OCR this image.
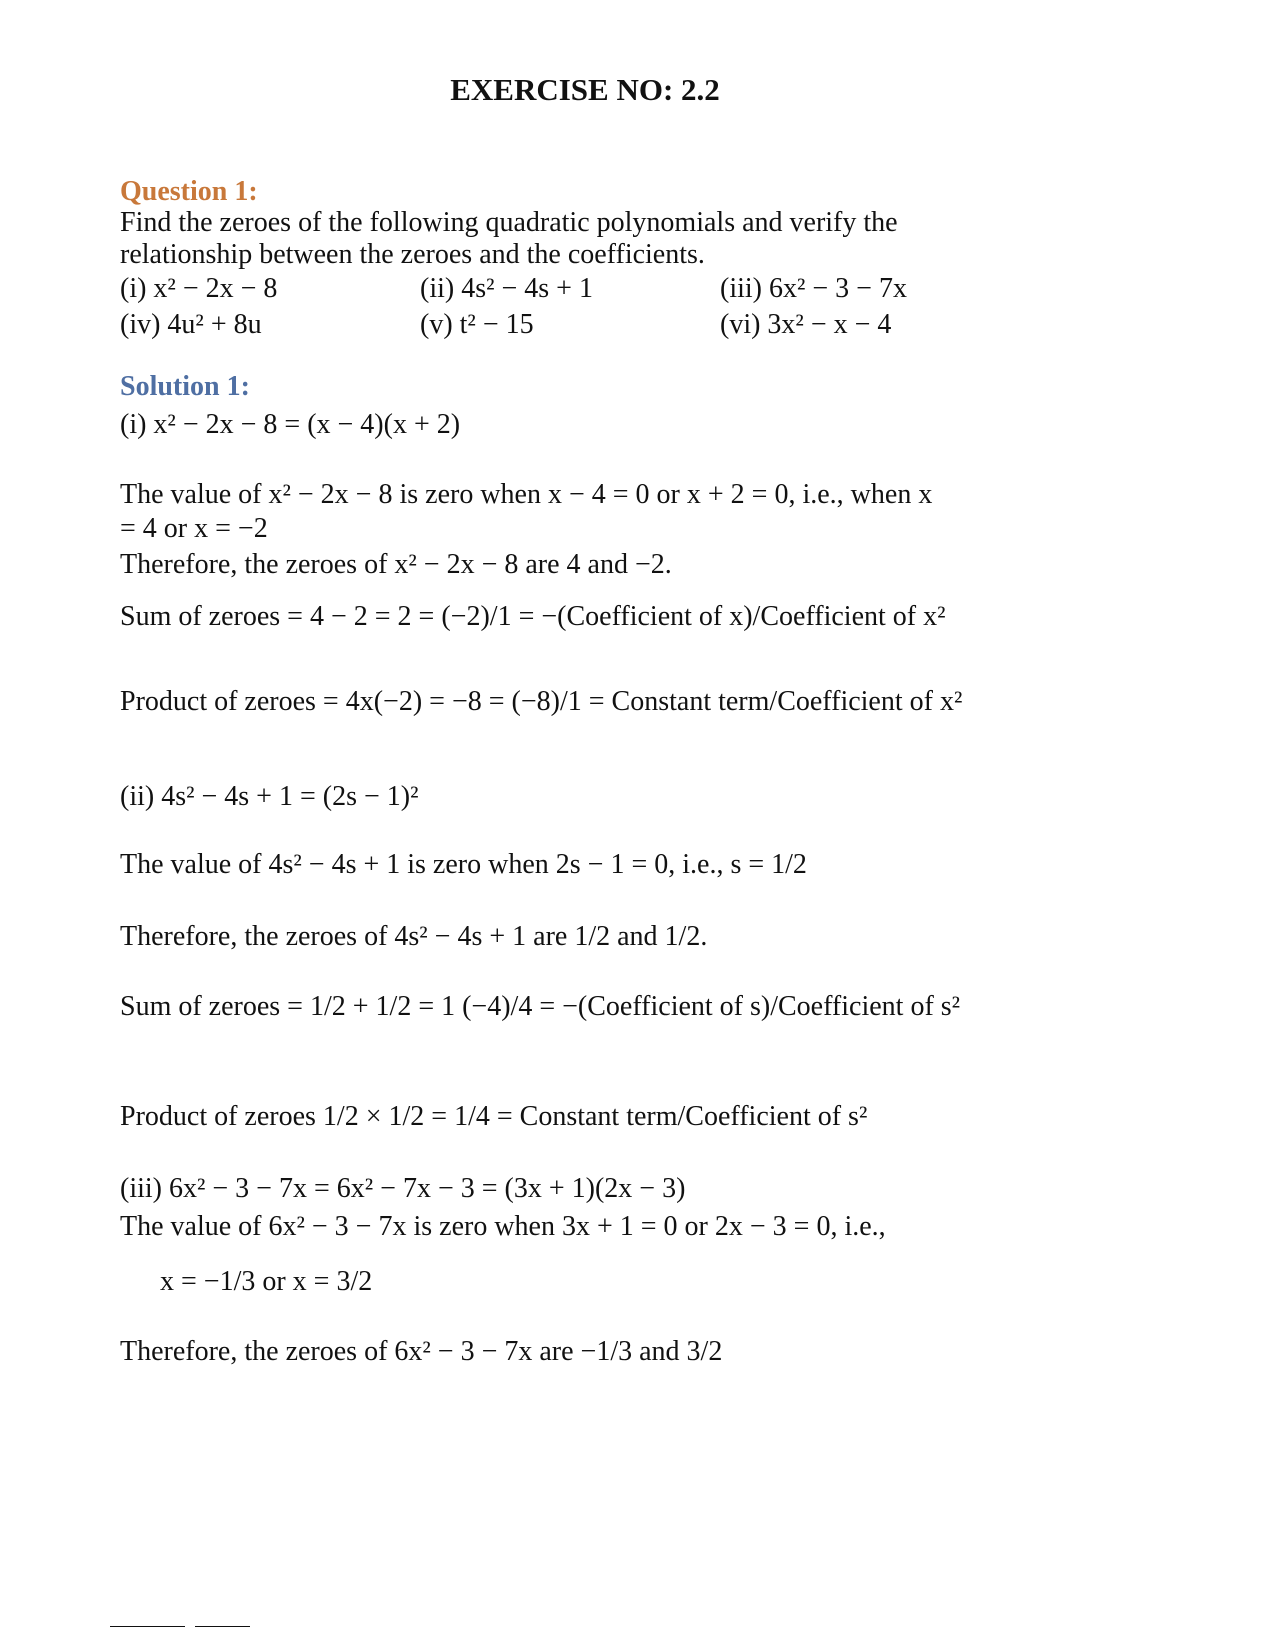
EXERCISE NO: 2.2
Question 1:
Find the zeroes of the following quadratic polynomials and verify the
relationship between the zeroes and the coefficients.
(i) x² − 2x − 8	(ii) 4s² − 4s + 1	(iii) 6x² − 3 − 7x
(iv) 4u² + 8u	(v) t² − 15	(vi) 3x² − x − 4
Solution 1:
(i) x² − 2x − 8 = (x − 4)(x + 2)
The value of x² − 2x − 8 is zero when x − 4 = 0 or x + 2 = 0, i.e., when x
= 4 or x = −2
Therefore, the zeroes of x² − 2x − 8 are 4 and −2.
Sum of zeroes = 4 − 2 = 2 = (−2)/1 = −(Coefficient of x)/Coefficient of x²
Product of zeroes = 4x(−2) = −8 = (−8)/1 = Constant term/Coefficient of x²
(ii) 4s² − 4s + 1 = (2s − 1)²
The value of 4s² − 4s + 1 is zero when 2s − 1 = 0, i.e., s = 1/2
Therefore, the zeroes of 4s² − 4s + 1 are 1/2 and 1/2.
Sum of zeroes = 1/2 + 1/2 = 1 (−4)/4 = −(Coefficient of s)/Coefficient of s²
Product of zeroes 1/2 × 1/2 = 1/4 = Constant term/Coefficient of s²
(iii) 6x² − 3 − 7x = 6x² − 7x − 3 = (3x + 1)(2x − 3)
The value of 6x² − 3 − 7x is zero when 3x + 1 = 0 or 2x − 3 = 0, i.e.,
x = −1/3 or x = 3/2
Therefore, the zeroes of 6x² − 3 − 7x are −1/3 and 3/2
